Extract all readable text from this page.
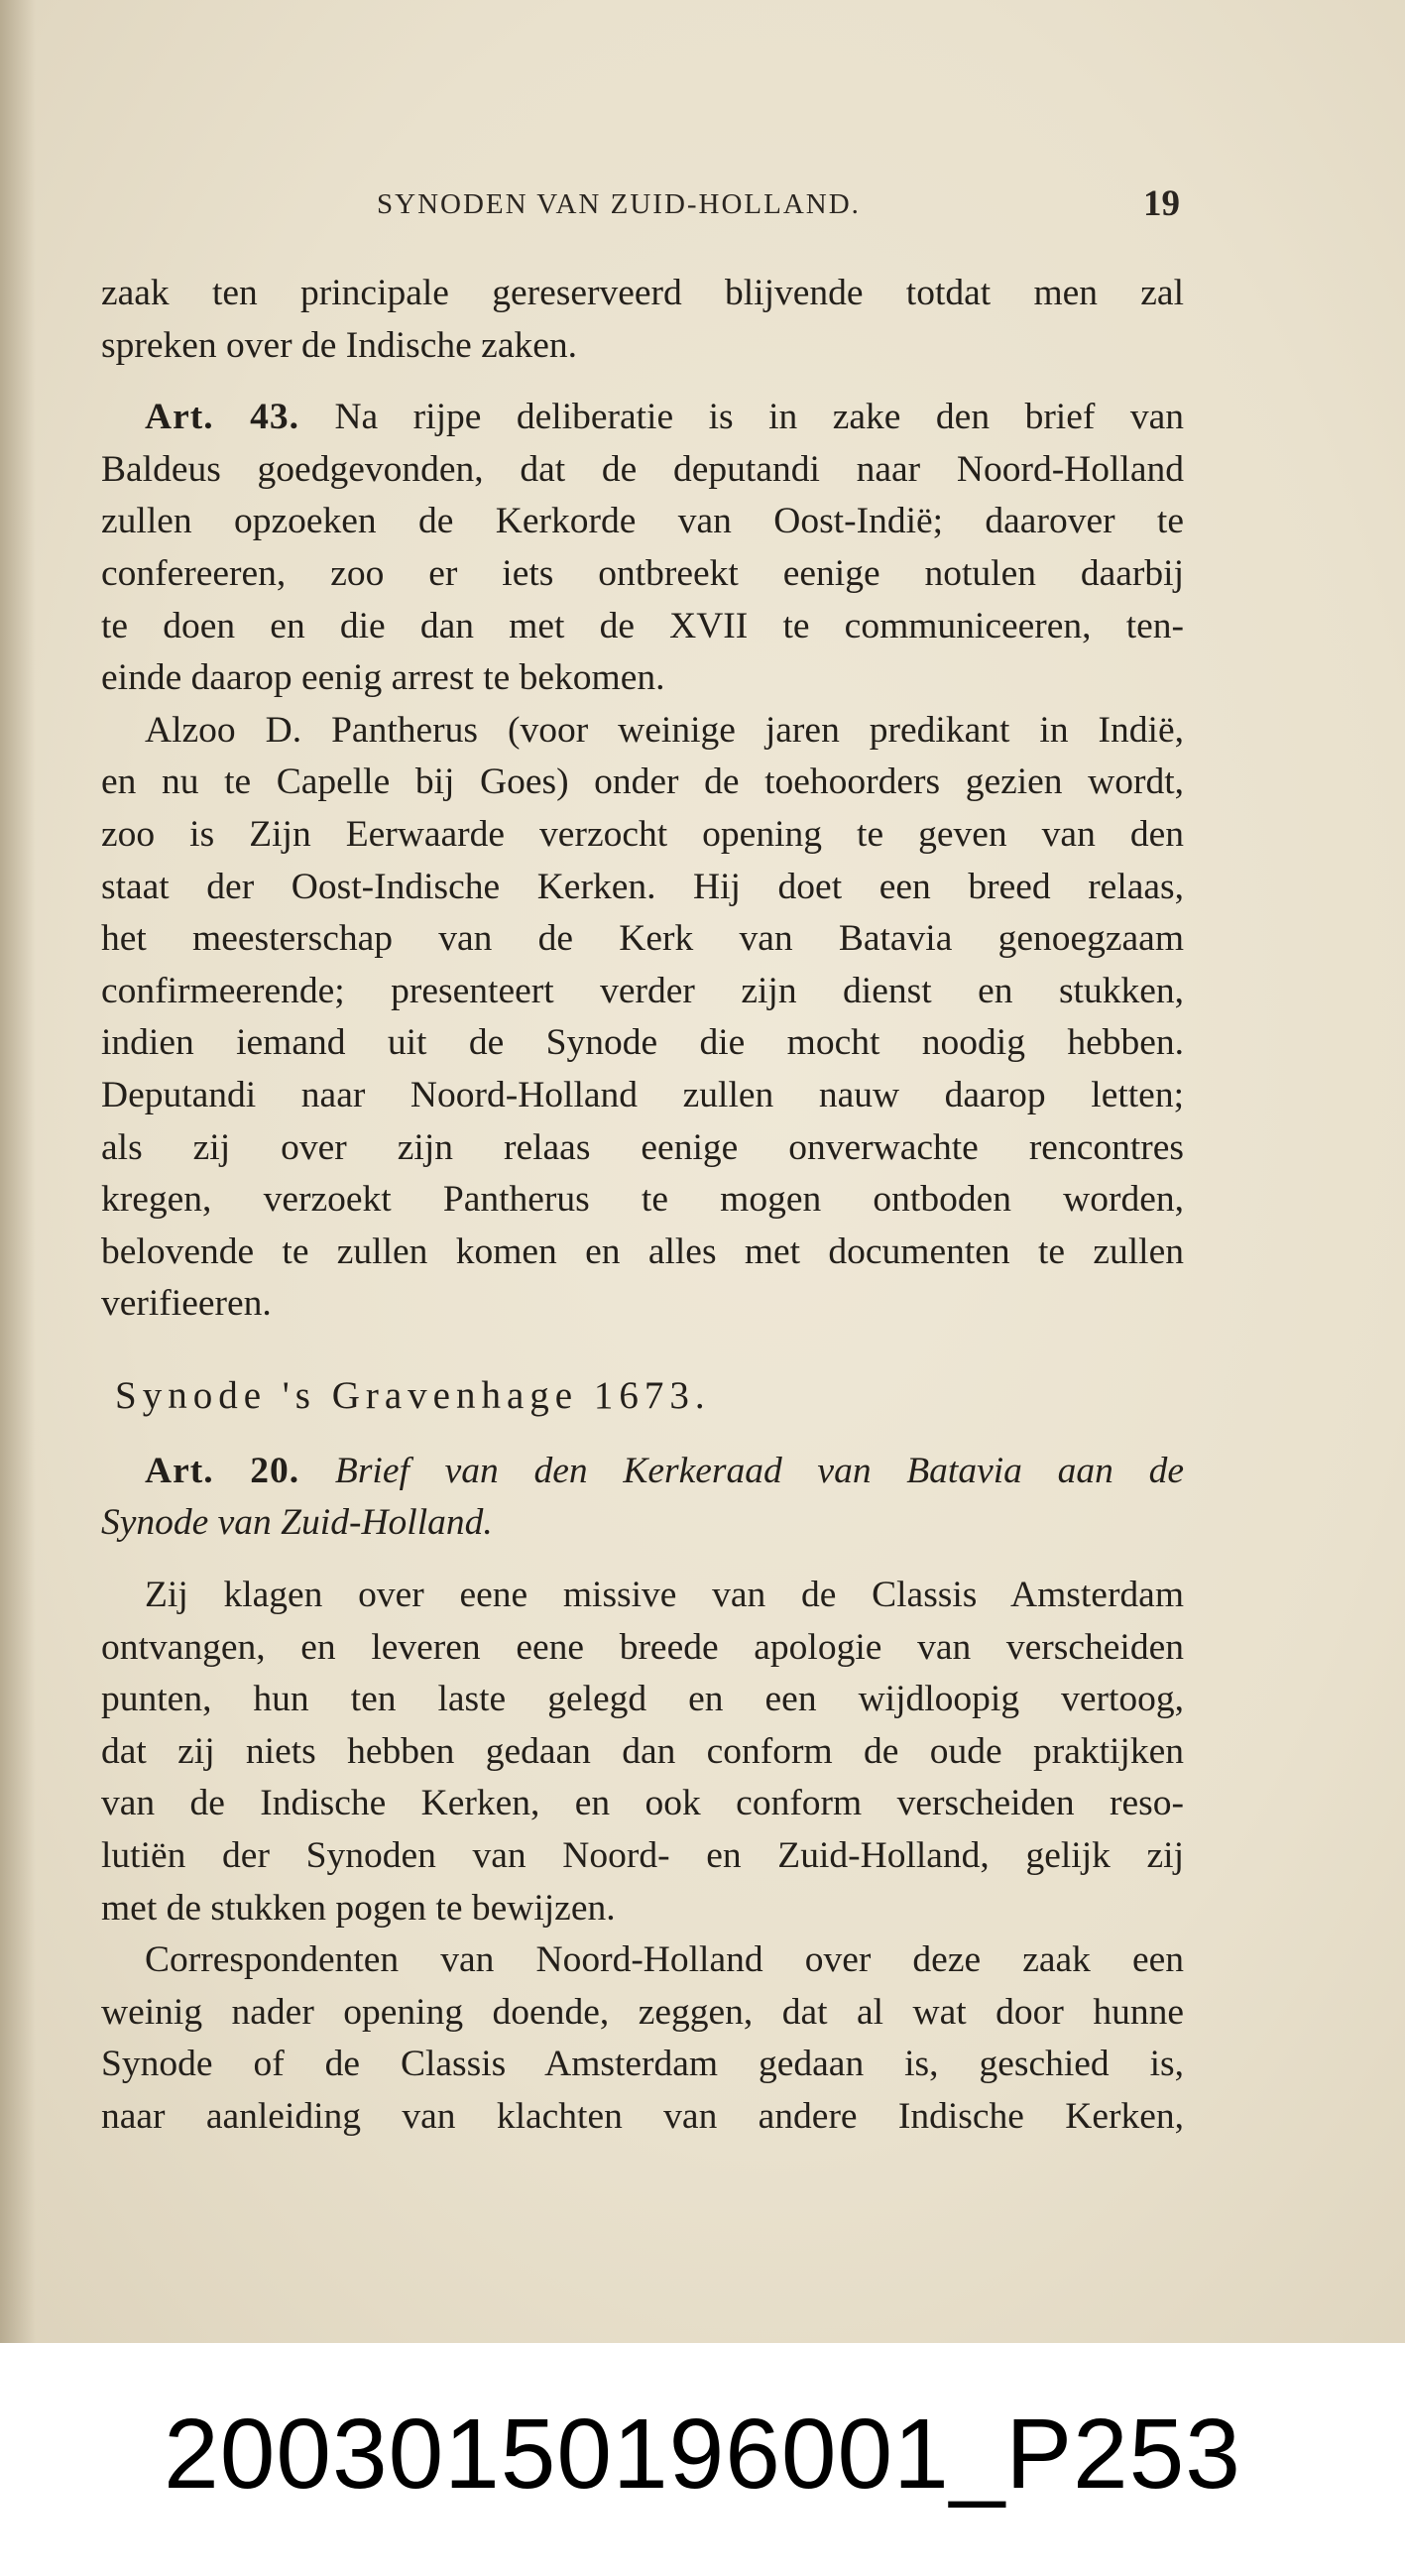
SYNODEN VAN ZUID-HOLLAND.	19
zaak ten principale gereserveerd blijvende totdat men zal
spreken over de Indische zaken.
Art. 43. Na rijpe deliberatie is in zake den brief van
Baldeus goedgevonden, dat de deputandi naar Noord-Holland
zullen opzoeken de Kerkorde van Oost-Indië; daarover te
confereeren, zoo er iets ontbreekt eenige notulen daarbij
te doen en die dan met de XVII te communiceeren, ten-
einde daarop eenig arrest te bekomen.
Alzoo D. Pantherus (voor weinige jaren predikant in Indië,
en nu te Capelle bij Goes) onder de toehoorders gezien wordt,
zoo is Zijn Eerwaarde verzocht opening te geven van den
staat der Oost-Indische Kerken. Hij doet een breed relaas,
het meesterschap van de Kerk van Batavia genoegzaam
confirmeerende; presenteert verder zijn dienst en stukken,
indien iemand uit de Synode die mocht noodig hebben.
Deputandi naar Noord-Holland zullen nauw daarop letten;
als zij over zijn relaas eenige onverwachte rencontres
kregen, verzoekt Pantherus te mogen ontboden worden,
belovende te zullen komen en alles met documenten te zullen
verifieeren.
Synode 's Gravenhage 1673.
Art. 20. Brief van den Kerkeraad van Batavia aan de
Synode van Zuid-Holland.
Zij klagen over eene missive van de Classis Amsterdam
ontvangen, en leveren eene breede apologie van verscheiden
punten, hun ten laste gelegd en een wijdloopig vertoog,
dat zij niets hebben gedaan dan conform de oude praktijken
van de Indische Kerken, en ook conform verscheiden reso-
lutiën der Synoden van Noord- en Zuid-Holland, gelijk zij
met de stukken pogen te bewijzen.
Correspondenten van Noord-Holland over deze zaak een
weinig nader opening doende, zeggen, dat al wat door hunne
Synode of de Classis Amsterdam gedaan is, geschied is,
naar aanleiding van klachten van andere Indische Kerken,
20030150196001_P253
